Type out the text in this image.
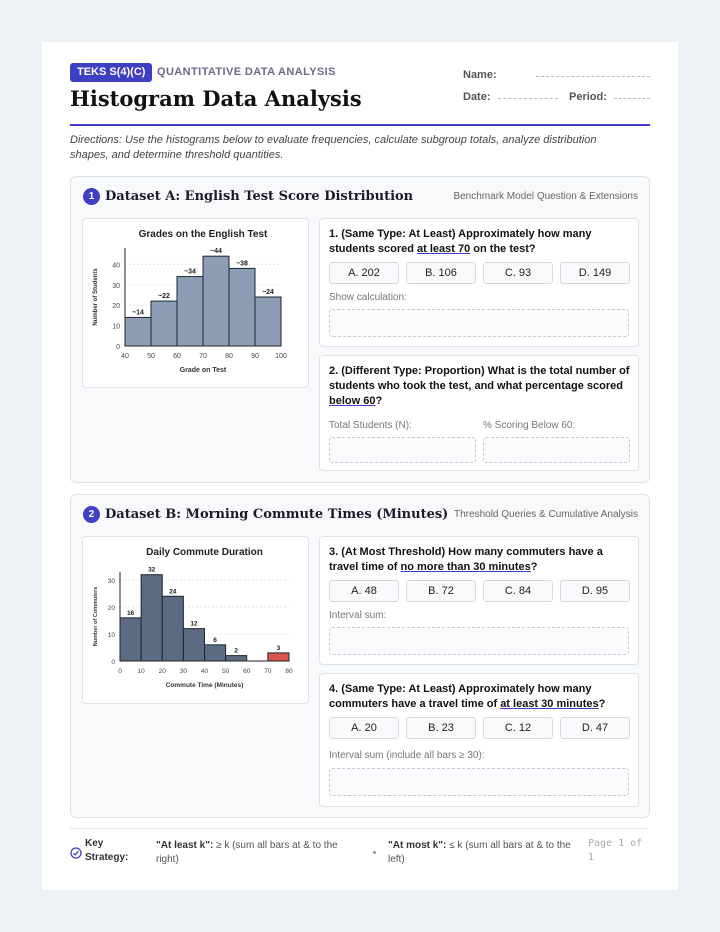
TEKS S(4)(C)	QUANTITATIVE DATA ANALYSIS
Histogram Data Analysis
Name:
Date:	Period:
Directions: Use the histograms below to evaluate frequencies, calculate subgroup totals, analyze distribution shapes, and determine threshold quantities.
1 Dataset A: English Test Score Distribution	Benchmark Model Question & Extensions
Grades on the English Test
0
10
20
30
40
~14
~22
~34
~44
~38
~24
40	50	60	70	80	90 100
Grade on Test
Number of Students
1. (Same Type: At Least) Approximately how many students scored at least 70 on the test?
A. 202	B. 106	C. 93	D. 149
Show calculation:
2. (Different Type: Proportion) What is the total number of students who took the test, and what percentage scored below 60?
Total Students (N):	% Scoring Below 60:
2 Dataset B: Morning Commute Times (Minutes) Threshold Queries & Cumulative Analysis
Daily Commute Duration
0
10
20
30
16
32
24
12
6
2	3
0 10 20 30 40 50 60 70 80
Commute Time (Minutes)
Number of Commuters
3. (At Most Threshold) How many commuters have a travel time of no more than 30 minutes?
A. 48	B. 72	C. 84	D. 95
Interval sum:
4. (Same Type: At Least) Approximately how many commuters have a travel time of at least 30 minutes?
A. 20	B. 23	C. 12	D. 47
Interval sum (include all bars ≥ 30):
Key Strategy:
"At least k": ≥ k (sum all bars at & to the right)
"At most k": ≤ k (sum all bars at & to the left)
Page 1 of 1
